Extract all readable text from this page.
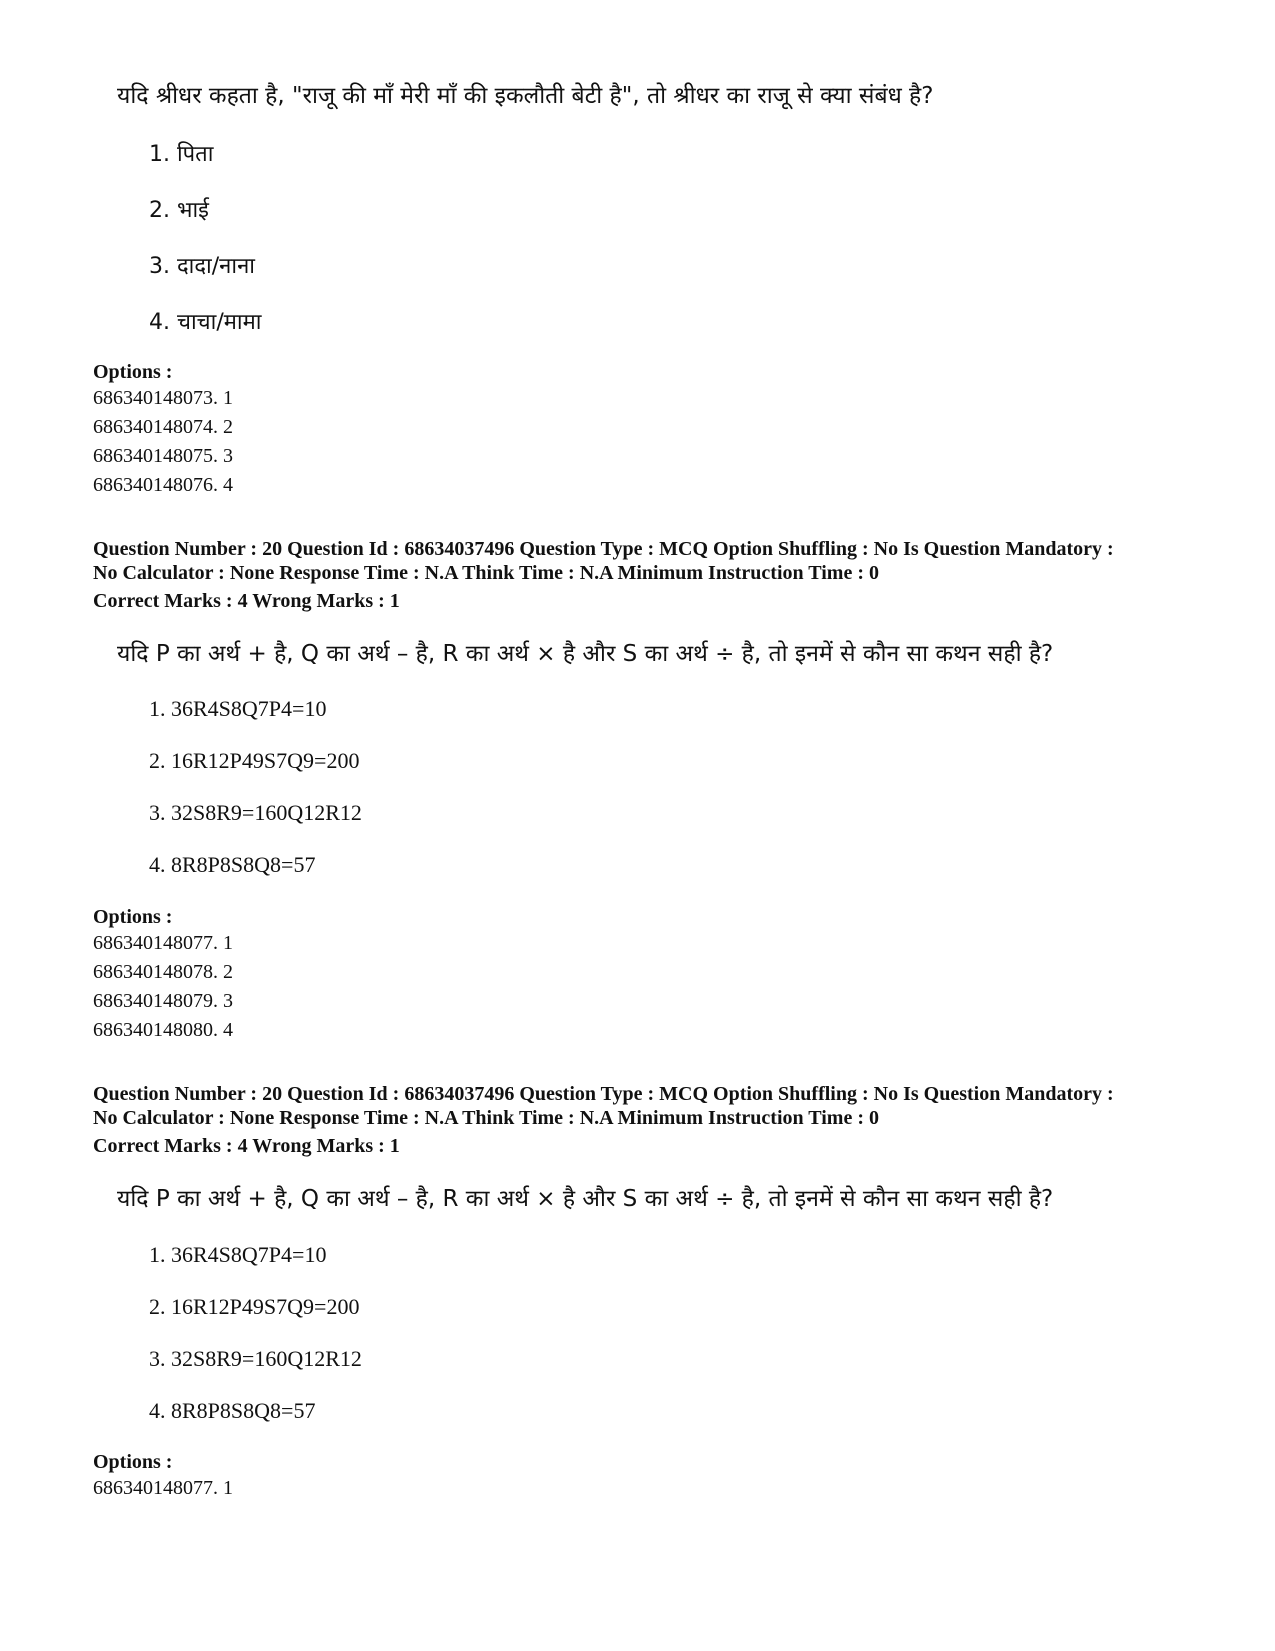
यदि श्रीधर कहता है, "राजू की माँ मेरी माँ की इकलौती बेटी है", तो श्रीधर का राजू से क्या संबंध है?

1. पिता
2. भाई
3. दादा/नाना
4. चाचा/मामा

Options :

686340148073. 1

686340148074. 2

686340148075. 3

686340148076. 4

Question Number : 20 Question Id : 68634037496 Question Type : MCQ Option Shuffling : No Is Question Mandatory :

No Calculator : None Response Time : N.A Think Time : N.A Minimum Instruction Time : 0

Correct Marks : 4 Wrong Marks : 1

यदि P का अर्थ + है, Q का अर्थ – है, R का अर्थ × है और S का अर्थ ÷ है, तो इनमें से कौन सा कथन सही है?

1. 36R4S8Q7P4=10
2. 16R12P49S7Q9=200
3. 32S8R9=160Q12R12
4. 8R8P8S8Q8=57

Options :

686340148077. 1

686340148078. 2

686340148079. 3

686340148080. 4

Question Number : 20 Question Id : 68634037496 Question Type : MCQ Option Shuffling : No Is Question Mandatory :

No Calculator : None Response Time : N.A Think Time : N.A Minimum Instruction Time : 0

Correct Marks : 4 Wrong Marks : 1

यदि P का अर्थ + है, Q का अर्थ – है, R का अर्थ × है और S का अर्थ ÷ है, तो इनमें से कौन सा कथन सही है?

1. 36R4S8Q7P4=10
2. 16R12P49S7Q9=200
3. 32S8R9=160Q12R12
4. 8R8P8S8Q8=57

Options :

686340148077. 1
